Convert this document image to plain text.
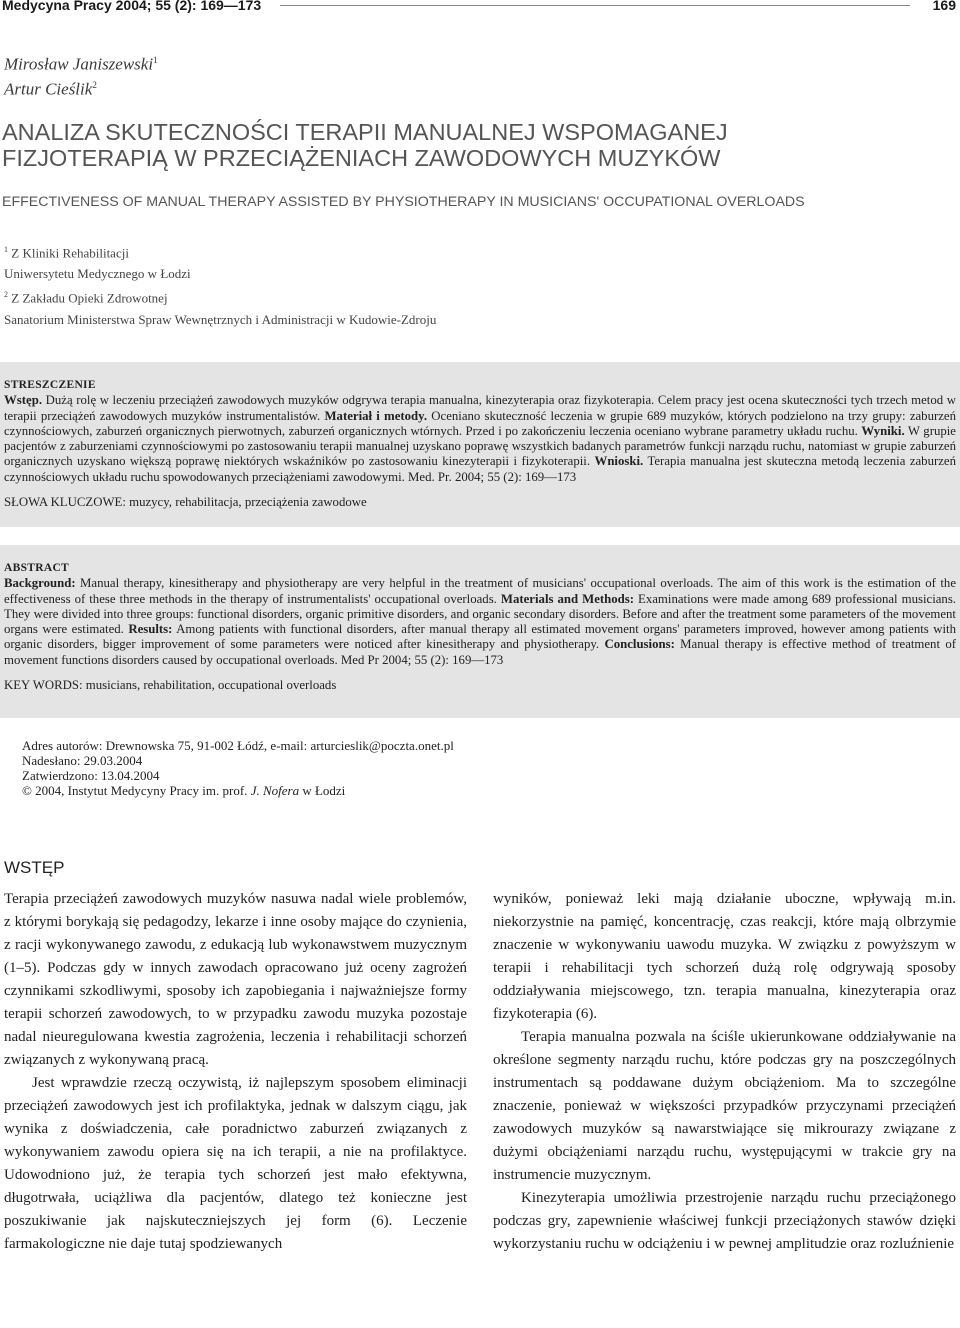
Medycyna Pracy 2004; 55 (2): 169—173	169
Mirosław Janiszewski$^1$
Artur Cieślik$^2$
ANALIZA SKUTECZNOŚCI TERAPII MANUALNEJ WSPOMAGANEJ
FIZJOTERAPIĄ W PRZECIĄŻENIACH ZAWODOWYCH MUZYKÓW
EFFECTIVENESS OF MANUAL THERAPY ASSISTED BY PHYSIOTHERAPY IN MUSICIANS' OCCUPATIONAL OVERLOADS
$^1$ Z Kliniki Rehabilitacji
Uniwersytetu Medycznego w Łodzi
$^2$ Z Zakładu Opieki Zdrowotnej
Sanatorium Ministerstwa Spraw Wewnętrznych i Administracji w Kudowie-Zdroju
STRESZCZENIE
Wstęp. Dużą rolę w leczeniu przeciążeń zawodowych muzyków odgrywa terapia manualna, kinezyterapia oraz fizykoterapia. Celem pracy jest ocena skuteczności tych trzech metod w terapii przeciążeń zawodowych muzyków instrumentalistów. Materiał i metody. Oceniano skuteczność leczenia w grupie 689 muzyków, których podzielono na trzy grupy: zaburzeń czynnościowych, zaburzeń organicznych pierwotnych, zaburzeń organicznych wtórnych. Przed i po zakończeniu leczenia oceniano wybrane parametry układu ruchu. Wyniki. W grupie pacjentów z zaburzeniami czynnościowymi po zastosowaniu terapii manualnej uzyskano poprawę wszystkich badanych parametrów funkcji narządu ruchu, natomiast w grupie zaburzeń organicznych uzyskano większą poprawę niektórych wskaźników po zastosowaniu kinezyterapii i fizykoterapii. Wnioski. Terapia manualna jest skuteczna metodą leczenia zaburzeń czynnościowych układu ruchu spowodowanych przeciążeniami zawodowymi. Med. Pr. 2004; 55 (2): 169—173
SŁOWA KLUCZOWE: muzycy, rehabilitacja, przeciążenia zawodowe
ABSTRACT
Background: Manual therapy, kinesitherapy and physiotherapy are very helpful in the treatment of musicians' occupational overloads. The aim of this work is the estimation of the effectiveness of these three methods in the therapy of instrumentalists' occupational overloads. Materials and Methods: Examinations were made among 689 professional musicians. They were divided into three groups: functional disorders, organic primitive disorders, and organic secondary disorders. Before and after the treatment some parameters of the movement organs were estimated. Results: Among patients with functional disorders, after manual therapy all estimated movement organs' parameters improved, however among patients with organic disorders, bigger improvement of some parameters were noticed after kinesitherapy and physiotherapy. Conclusions: Manual therapy is effective method of treatment of movement functions disorders caused by occupational overloads. Med Pr 2004; 55 (2): 169—173
KEY WORDS: musicians, rehabilitation, occupational overloads
Adres autorów: Drewnowska 75, 91-002 Łódź, e-mail: arturcieslik@poczta.onet.pl
Nadesłano: 29.03.2004
Zatwierdzono: 13.04.2004
© 2004, Instytut Medycyny Pracy im. prof. J. Nofera w Łodzi
WSTĘP

Terapia przeciążeń zawodowych muzyków nasuwa nadal wiele problemów, z którymi borykają się pedagodzy, lekarze i inne osoby mające do czynienia, z racji wykonywanego zawodu, z edukacją lub wykonawstwem muzycznym (1–5). Podczas gdy w innych zawodach opracowano już oceny zagrożeń czynnikami szkodliwymi, sposoby ich zapobiegania i najważniejsze formy terapii schorzeń zawodowych, to w przypadku zawodu muzyka pozostaje nadal nieuregulowana kwestia zagrożenia, leczenia i rehabilitacji schorzeń związanych z wykonywaną pracą.

Jest wprawdzie rzeczą oczywistą, iż najlepszym sposobem eliminacji przeciążeń zawodowych jest ich profilaktyka, jednak w dalszym ciągu, jak wynika z doświadczenia, całe poradnictwo zaburzeń związanych z wykonywaniem zawodu opiera się na ich terapii, a nie na profilaktyce. Udowodniono już, że terapia tych schorzeń jest mało efektywna, długotrwała, uciążliwa dla pacjentów, dlatego też konieczne jest poszukiwanie jak najskuteczniejszych jej form (6). Leczenie farmakologiczne nie daje tutaj spodziewanych

wyników, ponieważ leki mają działanie uboczne, wpływają m.in. niekorzystnie na pamięć, koncentrację, czas reakcji, które mają olbrzymie znaczenie w wykonywaniu uawodu muzyka. W związku z powyższym w terapii i rehabilitacji tych schorzeń dużą rolę odgrywają sposoby oddziaływania miejscowego, tzn. terapia manualna, kinezyterapia oraz fizykoterapia (6).

Terapia manualna pozwala na ściśle ukierunkowane oddziaływanie na określone segmenty narządu ruchu, które podczas gry na poszczególnych instrumentach są poddawane dużym obciążeniom. Ma to szczególne znaczenie, ponieważ w większości przypadków przyczynami przeciążeń zawodowych muzyków są nawarstwiające się mikrourazy związane z dużymi obciążeniami narządu ruchu, występującymi w trakcie gry na instrumencie muzycznym.

Kinezyterapia umożliwia przestrojenie narządu ruchu przeciążonego podczas gry, zapewnienie właściwej funkcji przeciążonych stawów dzięki wykorzystaniu ruchu w odciążeniu i w pewnej amplitudzie oraz rozluźnienie
